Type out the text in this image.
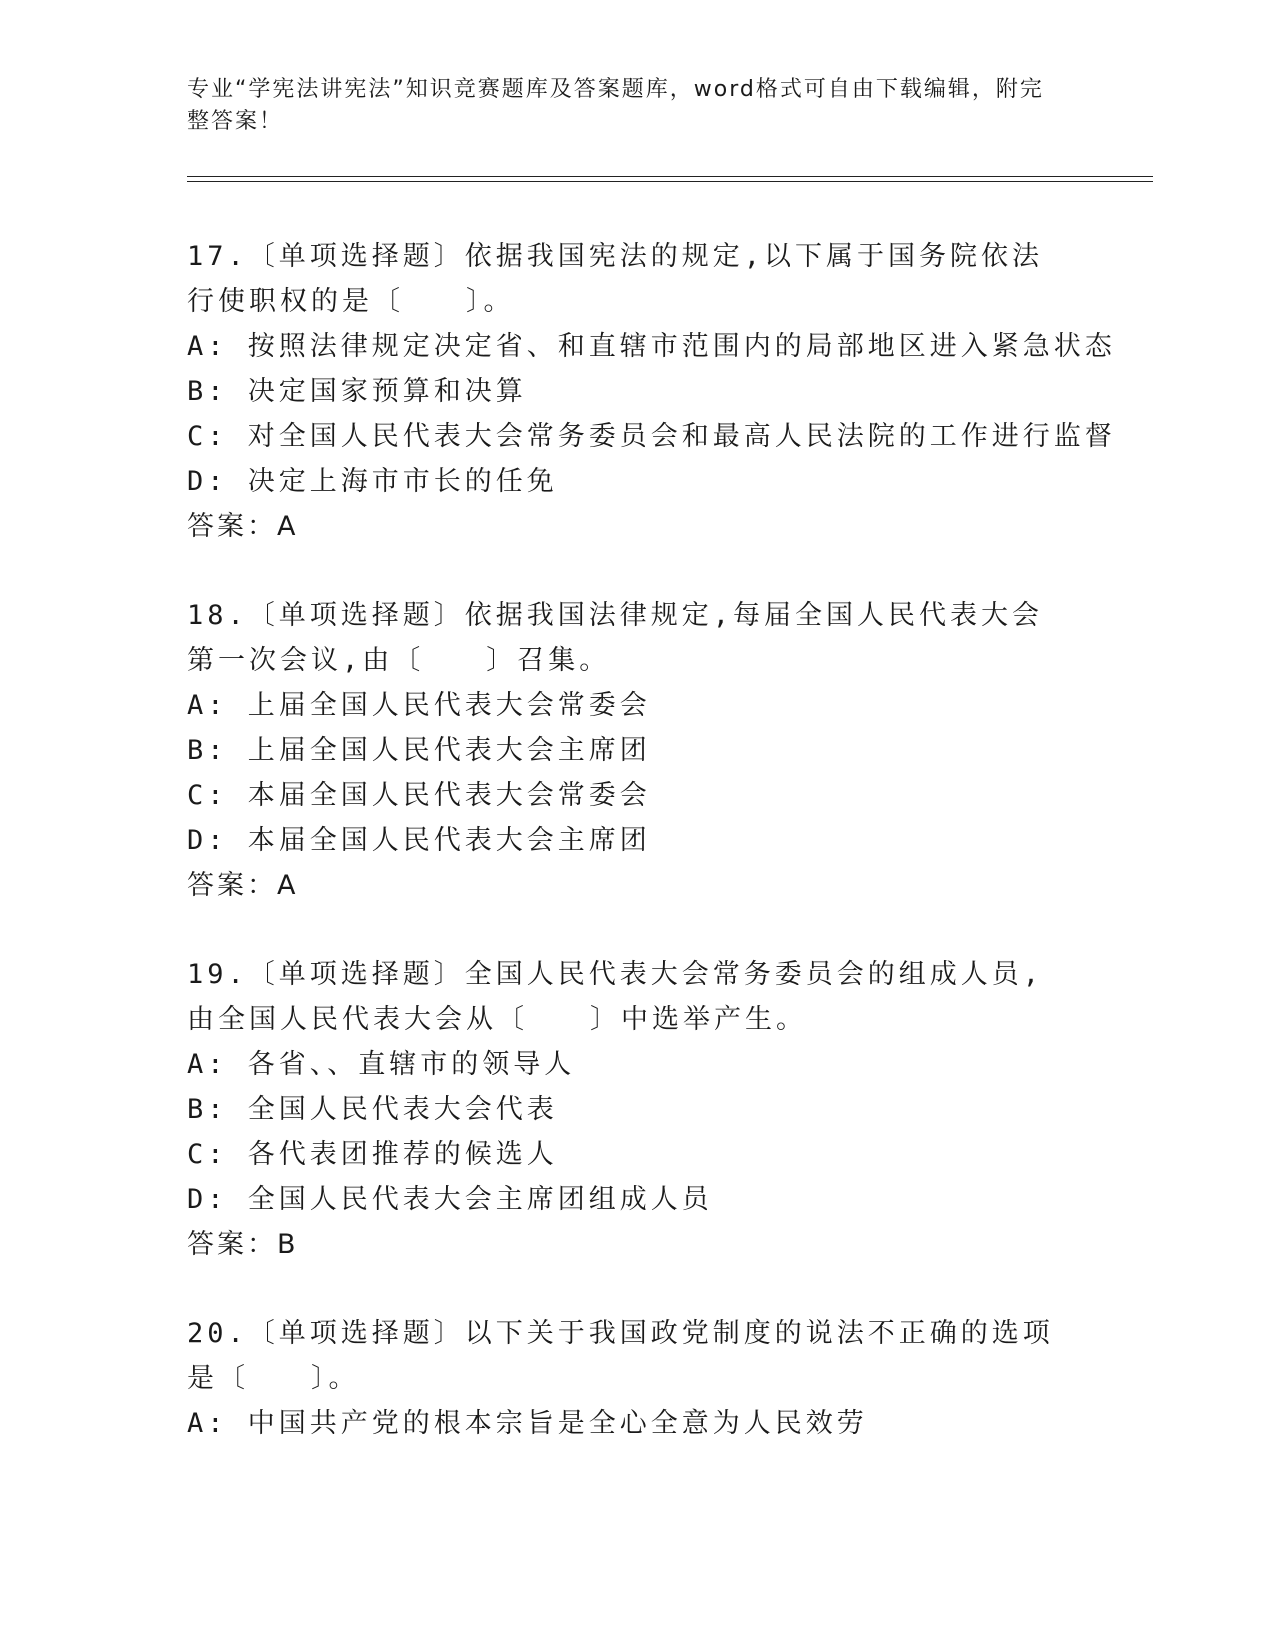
专业“学宪法讲宪法”知识竞赛题库及答案题库，word格式可自由下载编辑，附完整答案！
17.〔单项选择题〕依据我国宪法的规定,以下属于国务院依法行使职权的是〔　　〕。
A: 按照法律规定决定省、和直辖市范围内的局部地区进入紧急状态
B: 决定国家预算和决算
C: 对全国人民代表大会常务委员会和最高人民法院的工作进行监督
D: 决定上海市市长的任免
答案：A
18.〔单项选择题〕依据我国法律规定,每届全国人民代表大会第一次会议,由〔　　〕召集。
A: 上届全国人民代表大会常委会
B: 上届全国人民代表大会主席团
C: 本届全国人民代表大会常委会
D: 本届全国人民代表大会主席团
答案：A
19.〔单项选择题〕全国人民代表大会常务委员会的组成人员,由全国人民代表大会从〔　　〕中选举产生。
A: 各省、、直辖市的领导人
B: 全国人民代表大会代表
C: 各代表团推荐的候选人
D: 全国人民代表大会主席团组成人员
答案：B
20.〔单项选择题〕以下关于我国政党制度的说法不正确的选项是〔　　〕。
A: 中国共产党的根本宗旨是全心全意为人民效劳
